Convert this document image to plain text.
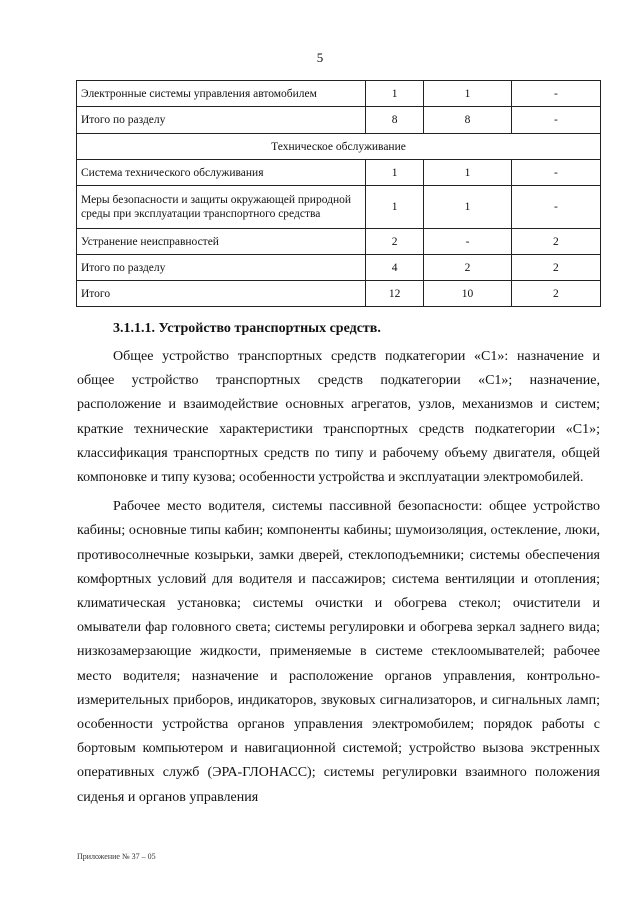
5
Электронные системы управления автомобилем	1	1	-
Итого по разделу	8	8	-
Техническое обслуживание			
Система технического обслуживания	1	1	-
Меры безопасности и защиты окружающей природной среды при эксплуатации транспортного средства	1	1	-
Устранение неисправностей	2	-	2
Итого по разделу	4	2	2
Итого	12	10	2
3.1.1.1. Устройство транспортных средств.

Общее устройство транспортных средств подкатегории «С1»: назначение и общее устройство транспортных средств подкатегории «С1»; назначение, расположение и взаимодействие основных агрегатов, узлов, механизмов и систем; краткие технические характеристики транспортных средств подкатегории «С1»; классификация транспортных средств по типу и рабочему объему двигателя, общей компоновке и типу кузова; особенности устройства и эксплуатации электромобилей.

Рабочее место водителя, системы пассивной безопасности: общее устройство кабины; основные типы кабин; компоненты кабины; шумоизоляция, остекление, люки, противосолнечные козырьки, замки дверей, стеклоподъемники; системы обеспечения комфортных условий для водителя и пассажиров; система вентиляции и отопления; климатическая установка; системы очистки и обогрева стекол; очистители и омыватели фар головного света; системы регулировки и обогрева зеркал заднего вида; низкозамерзающие жидкости, применяемые в системе стеклоомывателей; рабочее место водителя; назначение и расположение органов управления, контрольно-измерительных приборов, индикаторов, звуковых сигнализаторов, и сигнальных ламп; особенности устройства органов управления электромобилем; порядок работы с бортовым компьютером и навигационной системой; устройство вызова экстренных оперативных служб (ЭРА-ГЛОНАСС); системы регулировки взаимного положения сиденья и органов управления

Приложение № 37 – 05
